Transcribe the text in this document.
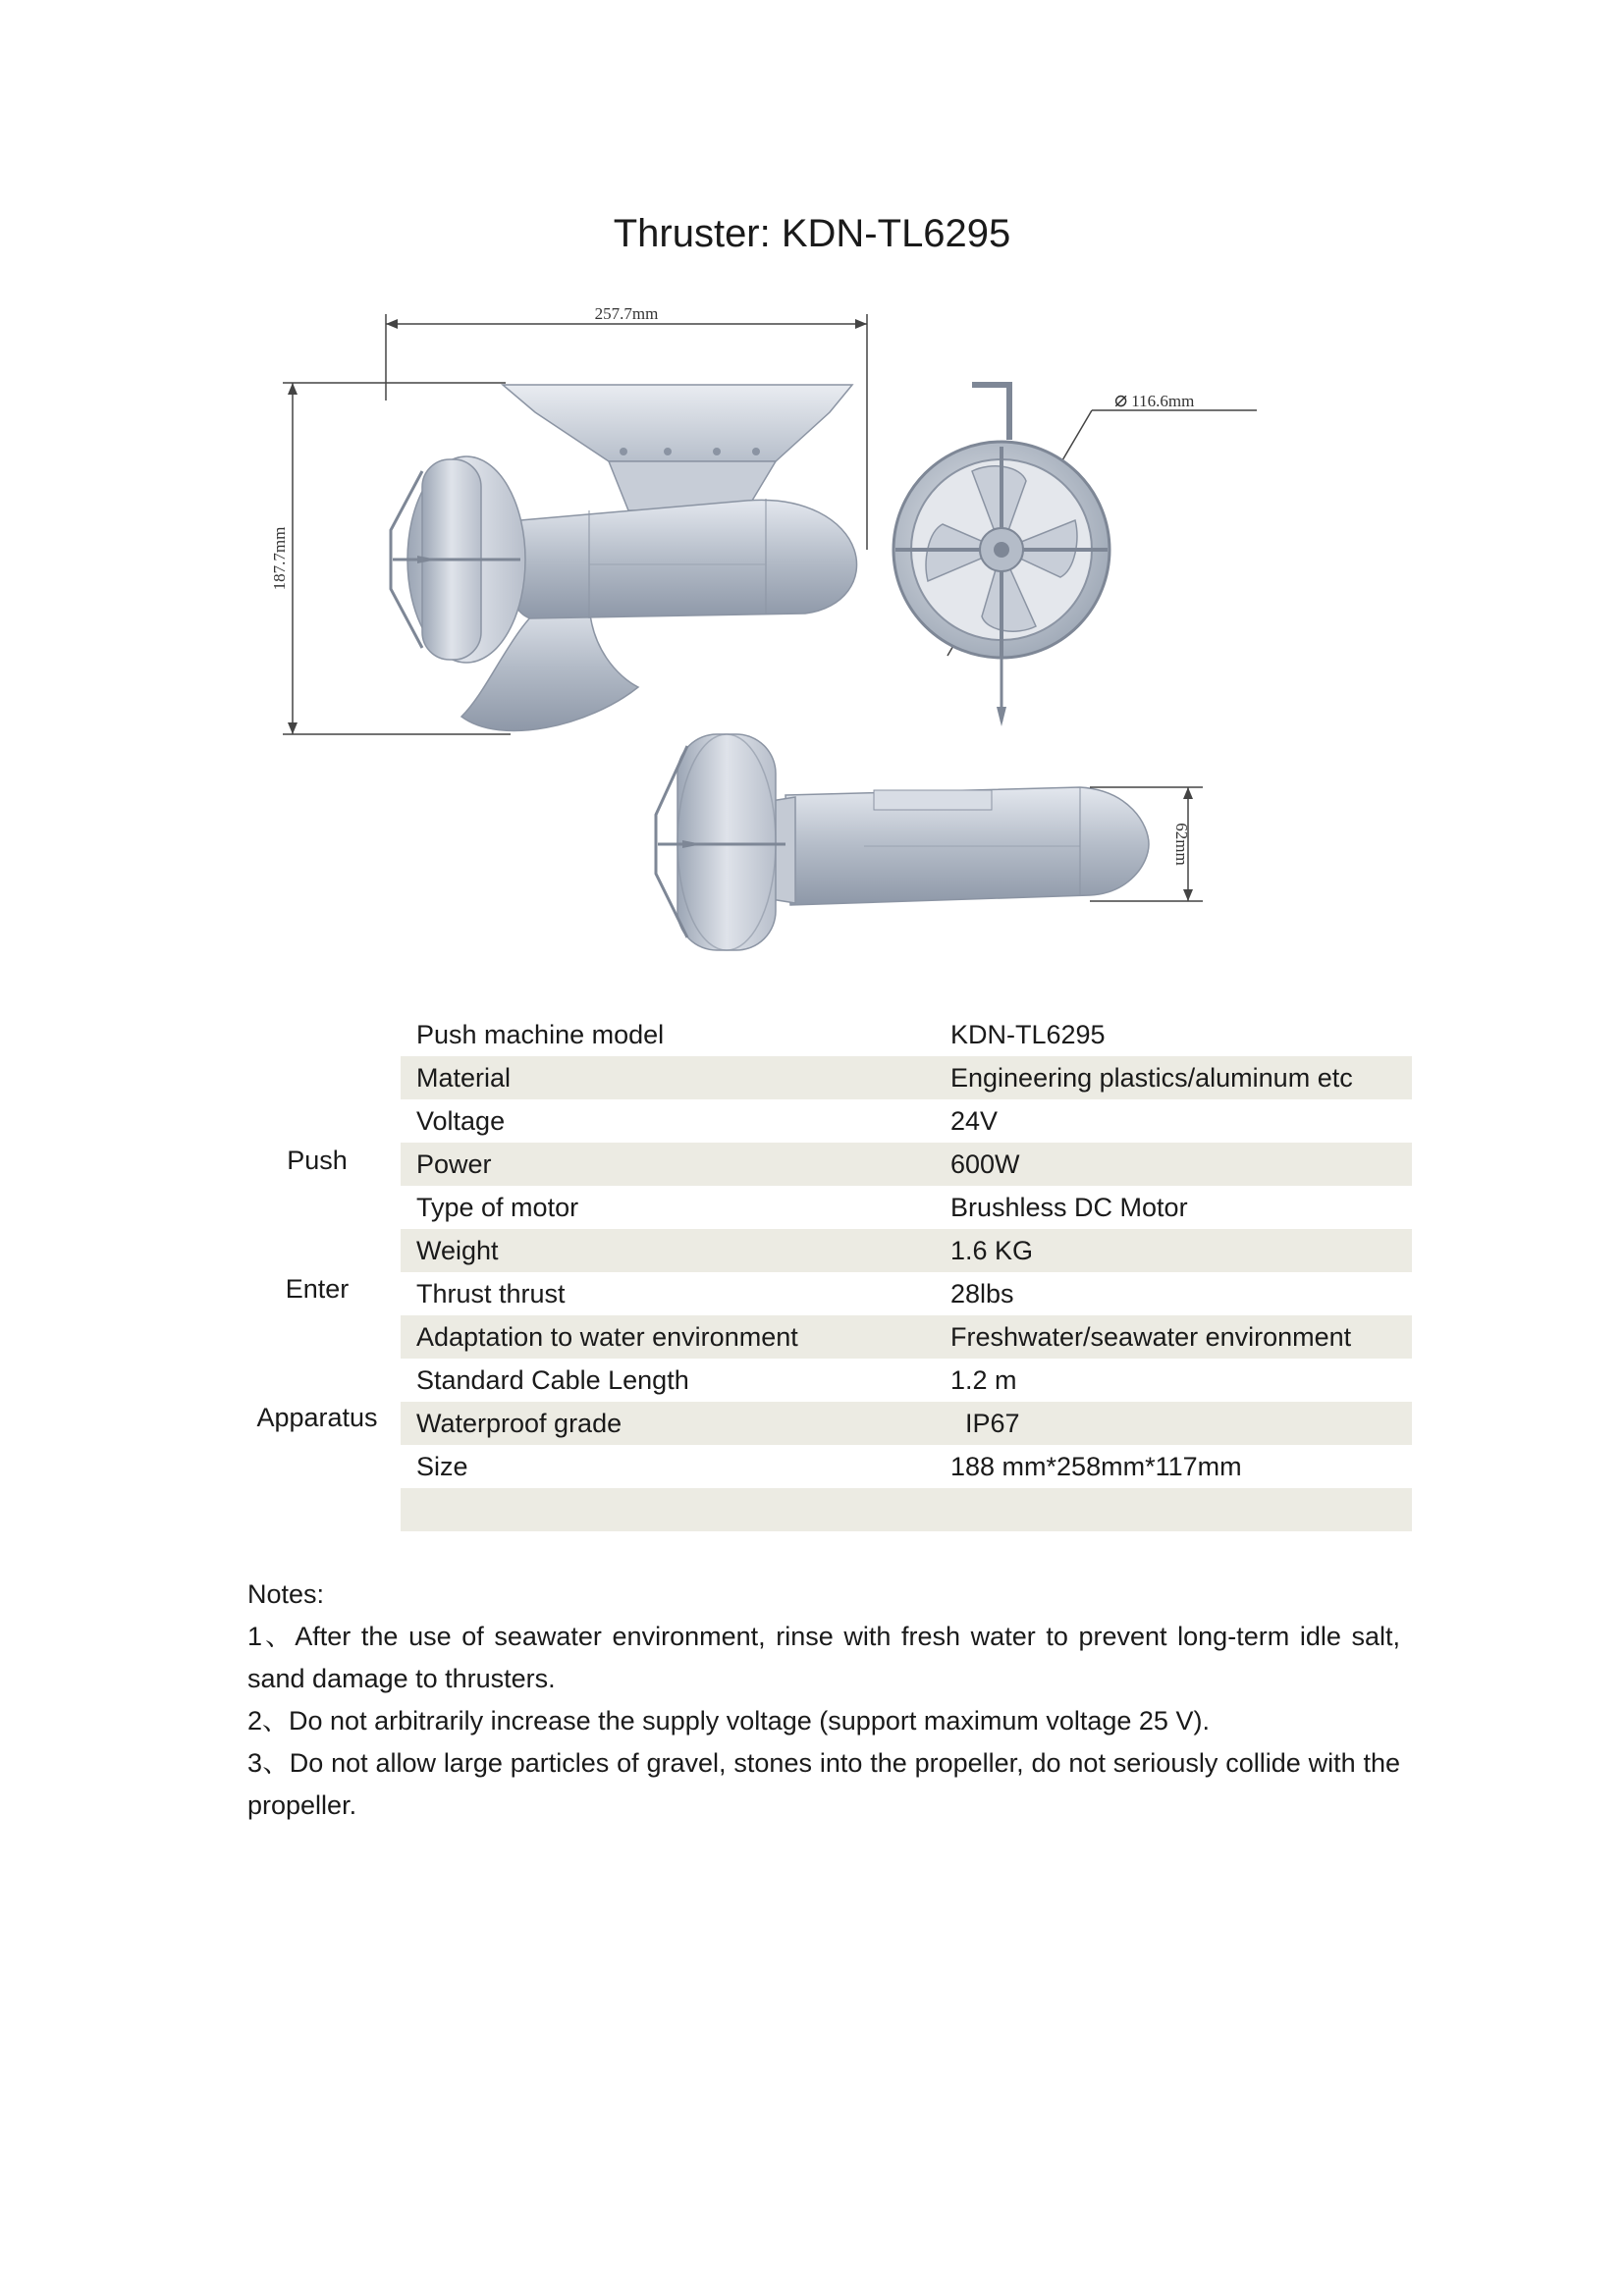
Thruster: KDN-TL6295
257.7mm
187.7mm
⌀ 116.6mm
62mm
Push
Enter
Apparatus
Push machine model	KDN-TL6295
Material	Engineering plastics/aluminum etc
Voltage	24V
Power	600W
Type of motor	Brushless DC Motor
Weight	1.6 KG
Thrust thrust	28lbs
Adaptation to water environment	Freshwater/seawater environment
Standard Cable Length	1.2 m
Waterproof grade	IP67
Size	188 mm*258mm*117mm

Notes:

1、After the use of seawater environment, rinse with fresh water to prevent long-term idle salt, sand damage to thrusters.

2、Do not arbitrarily increase the supply voltage (support maximum voltage 25 V).

3、Do not allow large particles of gravel, stones into the propeller, do not seriously collide with the propeller.
